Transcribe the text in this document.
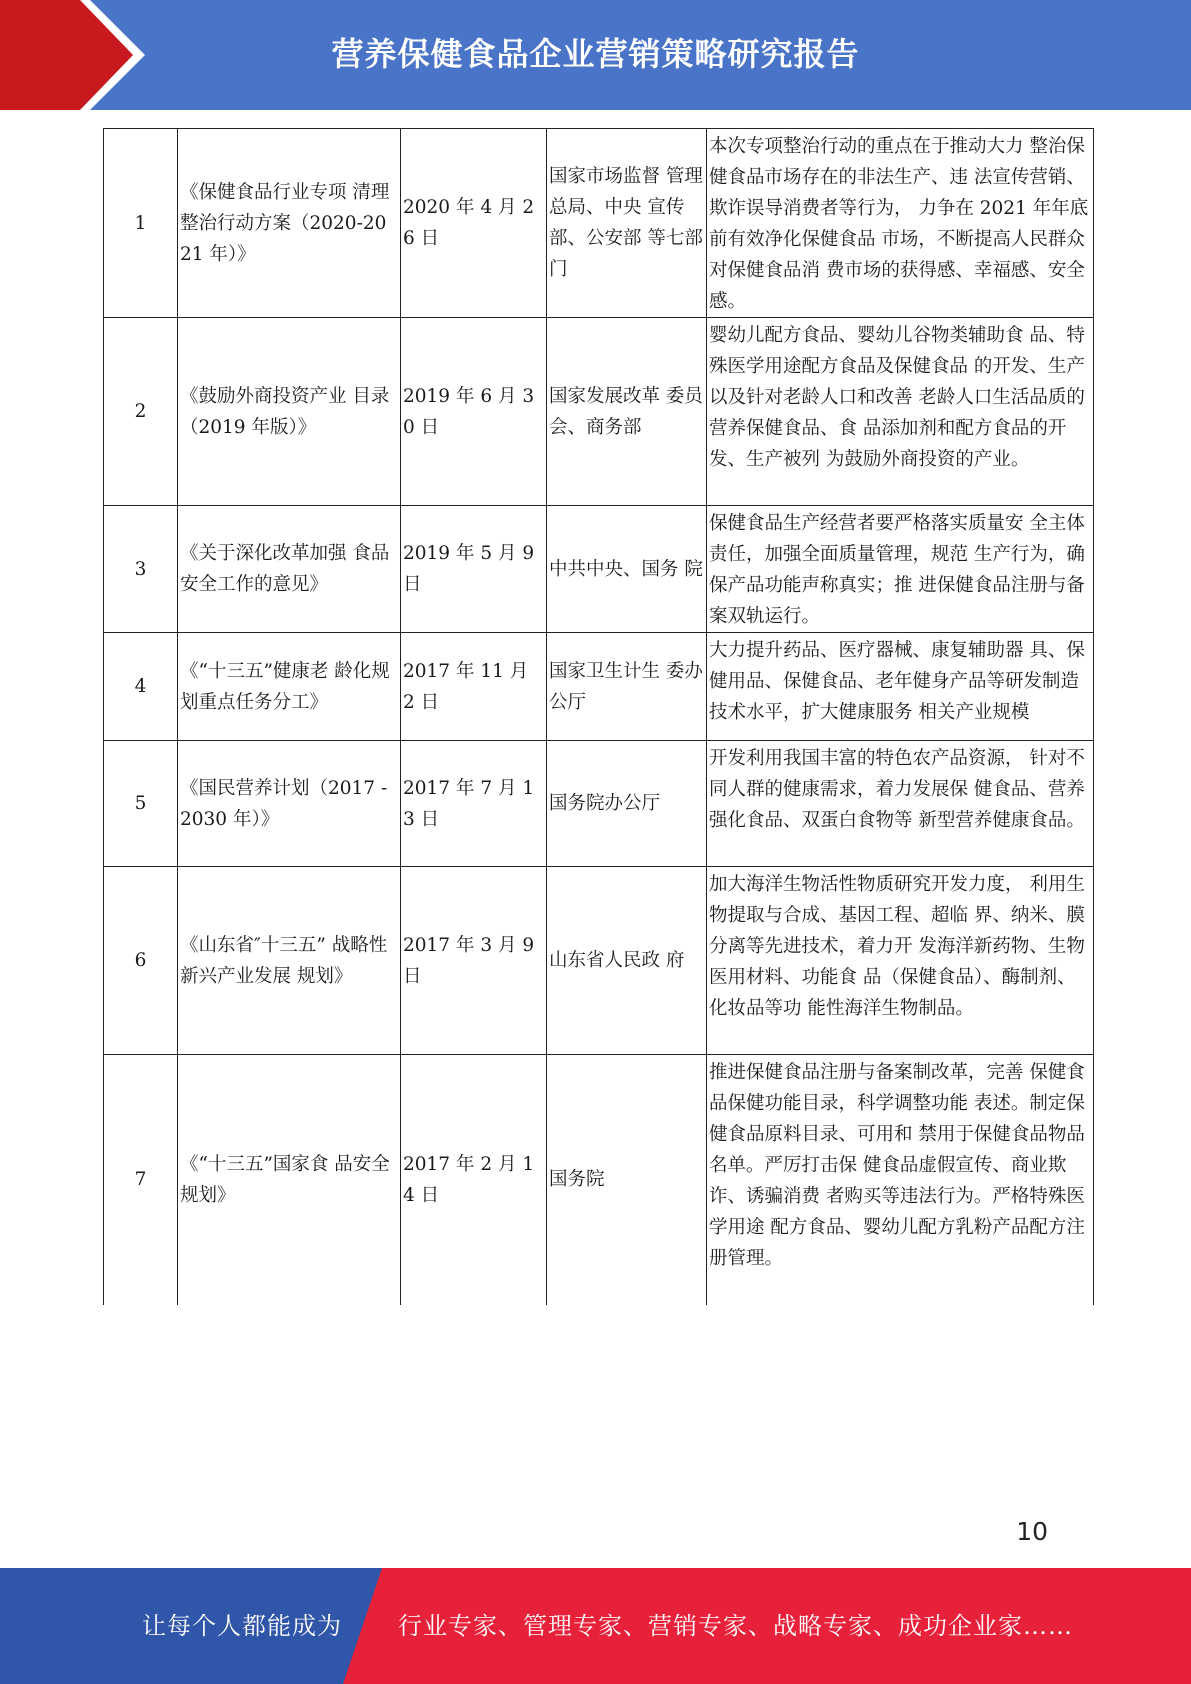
营养保健食品企业营销策略研究报告
1	《保健食品行业专项 清理整治行动方案（2020-2021 年）》	2020 年 4 月 26 日	国家市场监督 管理总局、中央 宣传部、公安部 等七部门	本次专项整治行动的重点在于推动大力 整治保健食品市场存在的非法生产、违 法宣传营销、欺诈误导消费者等行为， 力争在 2021 年年底前有效净化保健食品 市场，不断提高人民群众对保健食品消 费市场的获得感、幸福感、安全感。
2	《鼓励外商投资产业 目录（2019 年版）》	2019 年 6 月 30 日	国家发展改革 委员会、商务部	婴幼儿配方食品、婴幼儿谷物类辅助食 品、特殊医学用途配方食品及保健食品 的开发、生产以及针对老龄人口和改善 老龄人口生活品质的营养保健食品、食 品添加剂和配方食品的开发、生产被列 为鼓励外商投资的产业。
3	《关于深化改革加强 食品安全工作的意见》	2019 年 5 月 9 日	中共中央、国务 院	保健食品生产经营者要严格落实质量安 全主体责任，加强全面质量管理，规范 生产行为，确保产品功能声称真实；推 进保健食品注册与备案双轨运行。
4	《“十三五”健康老 龄化规划重点任务分工》	2017 年 11 月 2 日	国家卫生计生 委办公厅	大力提升药品、医疗器械、康复辅助器 具、保健用品、保健食品、老年健身产品等研发制造技术水平，扩大健康服务 相关产业规模

5	《国民营养计划（2017 -2030 年）》	2017 年 7 月 13 日	国务院办公厅	开发利用我国丰富的特色农产品资源， 针对不同人群的健康需求，着力发展保 健食品、营养强化食品、双蛋白食物等 新型营养健康食品。
6	《山东省″十三五” 战略性新兴产业发展 规划》	2017 年 3 月 9 日	山东省人民政 府	加大海洋生物活性物质研究开发力度， 利用生物提取与合成、基因工程、超临 界、纳米、膜分离等先进技术，着力开 发海洋新药物、生物医用材料、功能食 品（保健食品）、酶制剂、化妆品等功 能性海洋生物制品。
7	《“十三五”国家食 品安全规划》	2017 年 2 月 14 日	国务院	推进保健食品注册与备案制改革，完善 保健食品保健功能目录，科学调整功能 表述。制定保健食品原料目录、可用和 禁用于保健食品物品名单。严厉打击保 健食品虚假宣传、商业欺诈、诱骗消费 者购买等违法行为。严格特殊医学用途 配方食品、婴幼儿配方乳粉产品配方注 册管理。
10
让每个人都能成为 行业专家、管理专家、营销专家、战略专家、成功企业家……
